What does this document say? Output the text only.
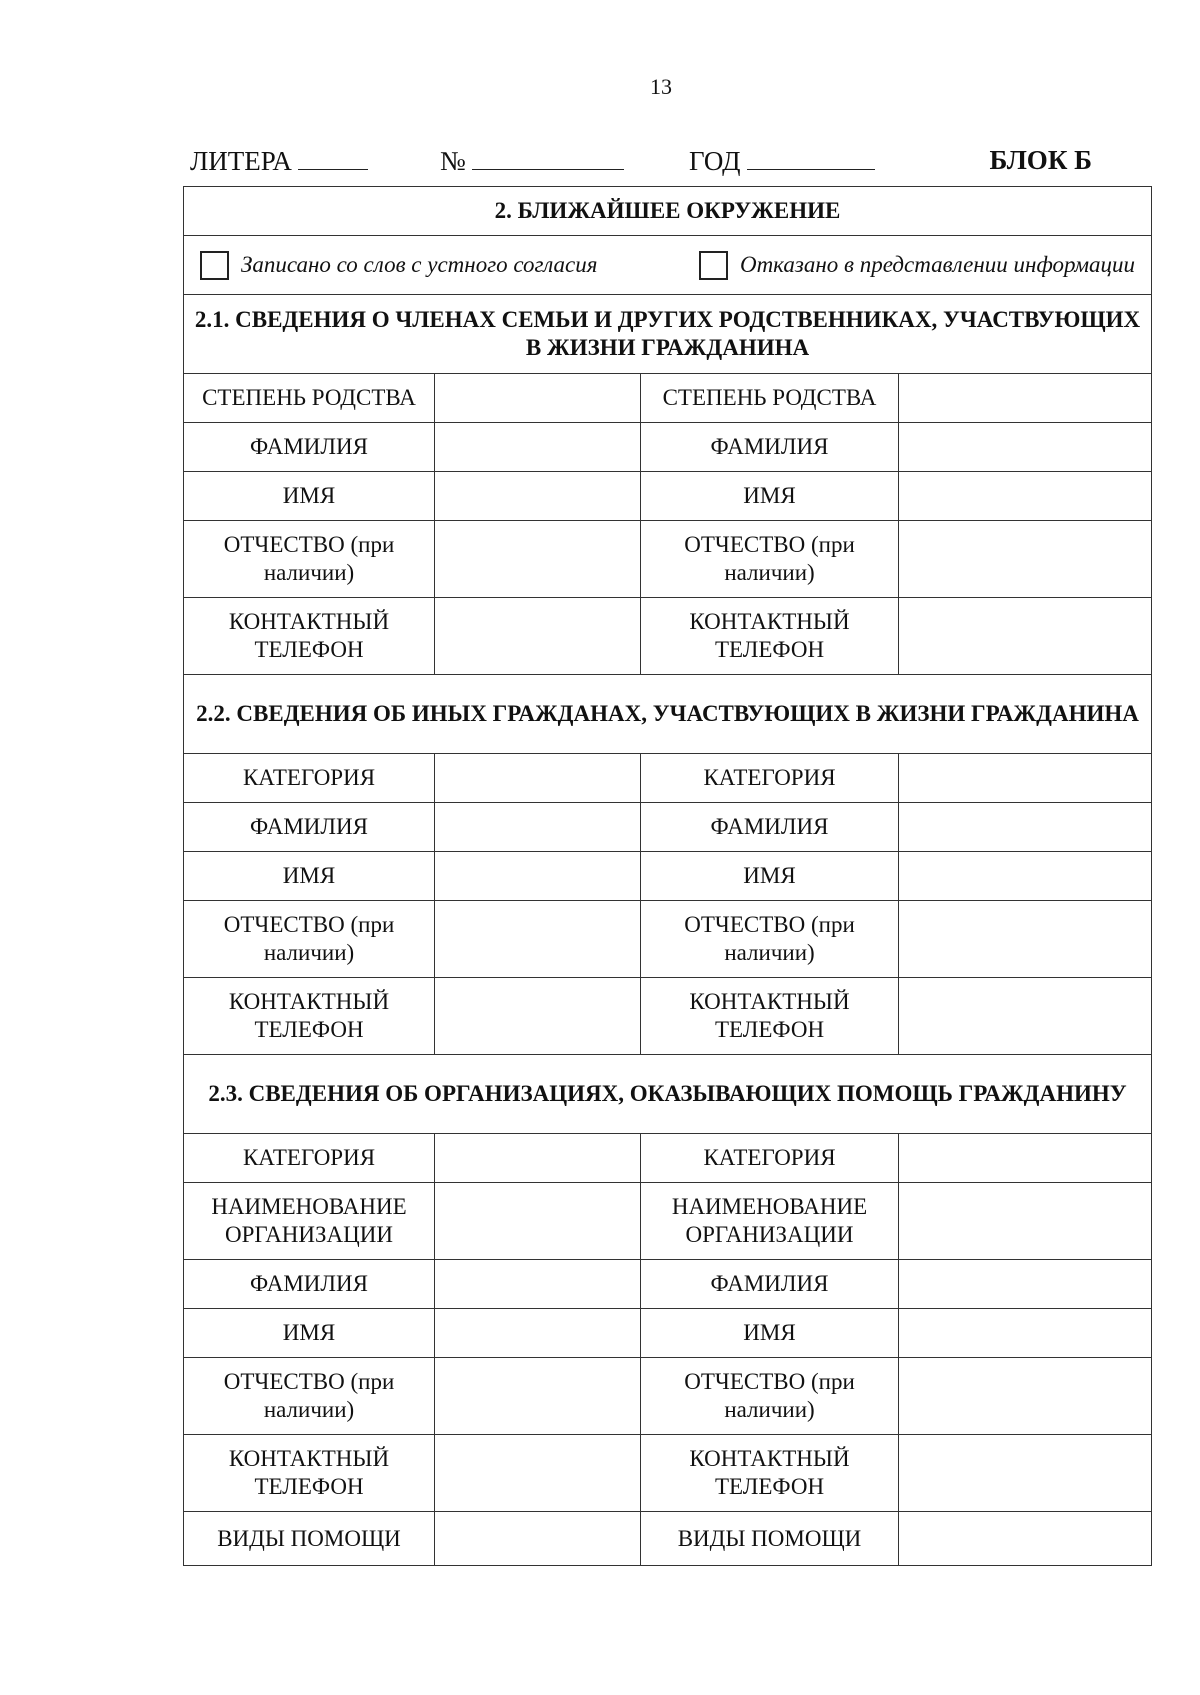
13
ЛИТЕРА	№	ГОД	БЛОК Б
2. БЛИЖАЙШЕЕ ОКРУЖЕНИЕ			

Записано со слов с устного согласия Отказано в представлении информации			

2.1. СВЕДЕНИЯ О ЧЛЕНАХ СЕМЬИ И ДРУГИХ РОДСТВЕННИКАХ, УЧАСТВУЮЩИХ В ЖИЗНИ ГРАЖДАНИНА			
СТЕПЕНЬ РОДСТВА		СТЕПЕНЬ РОДСТВА	
ФАМИЛИЯ		ФАМИЛИЯ	
ИМЯ		ИМЯ	
ОТЧЕСТВО (при наличии)		ОТЧЕСТВО (при наличии)	
КОНТАКТНЫЙ ТЕЛЕФОН		КОНТАКТНЫЙ ТЕЛЕФОН	
2.2. СВЕДЕНИЯ ОБ ИНЫХ ГРАЖДАНАХ, УЧАСТВУЮЩИХ В ЖИЗНИ ГРАЖДАНИНА			
КАТЕГОРИЯ		КАТЕГОРИЯ	
ФАМИЛИЯ		ФАМИЛИЯ	
ИМЯ		ИМЯ	
ОТЧЕСТВО (при наличии)		ОТЧЕСТВО (при наличии)	
КОНТАКТНЫЙ ТЕЛЕФОН		КОНТАКТНЫЙ ТЕЛЕФОН	
2.3. СВЕДЕНИЯ ОБ ОРГАНИЗАЦИЯХ, ОКАЗЫВАЮЩИХ ПОМОЩЬ ГРАЖДАНИНУ			
КАТЕГОРИЯ		КАТЕГОРИЯ	
НАИМЕНОВАНИЕ ОРГАНИЗАЦИИ		НАИМЕНОВАНИЕ ОРГАНИЗАЦИИ	
ФАМИЛИЯ		ФАМИЛИЯ	
ИМЯ		ИМЯ	
ОТЧЕСТВО (при наличии)		ОТЧЕСТВО (при наличии)	
КОНТАКТНЫЙ ТЕЛЕФОН		КОНТАКТНЫЙ ТЕЛЕФОН	
ВИДЫ ПОМОЩИ		ВИДЫ ПОМОЩИ	
